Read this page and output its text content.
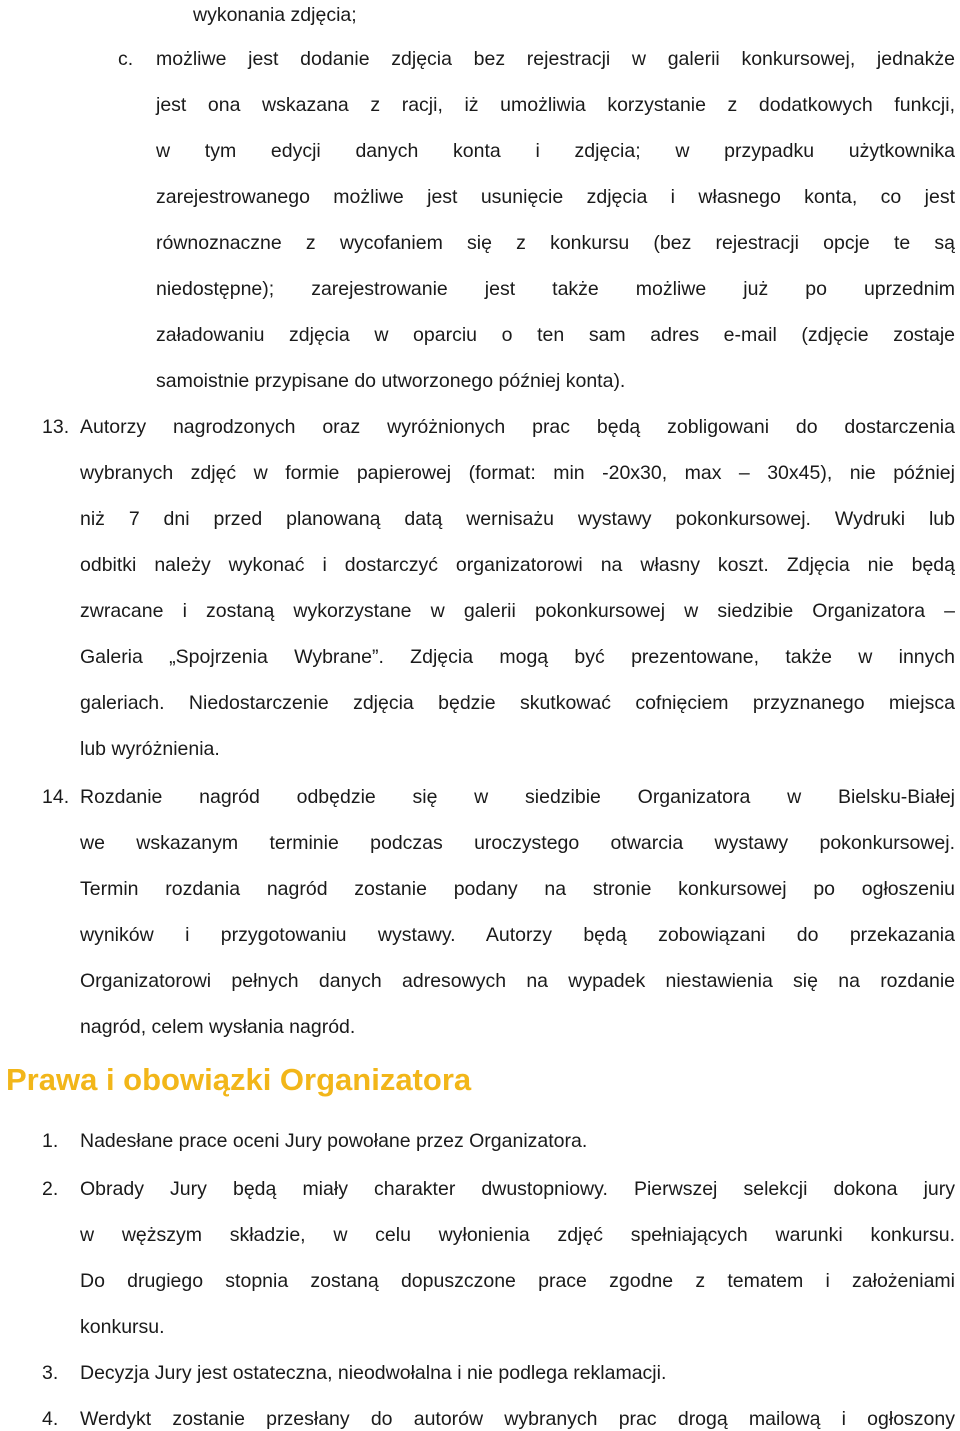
wykonania zdjęcia;
c. możliwe jest dodanie zdjęcia bez rejestracji w galerii konkursowej, jednakże
jest ona wskazana z racji, iż umożliwia korzystanie z dodatkowych funkcji,
w tym edycji danych konta i zdjęcia; w przypadku użytkownika
zarejestrowanego możliwe jest usunięcie zdjęcia i własnego konta, co jest
równoznaczne z wycofaniem się z konkursu (bez rejestracji opcje te są
niedostępne); zarejestrowanie jest także możliwe już po uprzednim
załadowaniu zdjęcia w oparciu o ten sam adres e-mail (zdjęcie zostaje
samoistnie przypisane do utworzonego później konta).
13. Autorzy nagrodzonych oraz wyróżnionych prac będą zobligowani do dostarczenia
wybranych zdjęć w formie papierowej (format: min -20x30, max – 30x45), nie później
niż 7 dni przed planowaną datą wernisażu wystawy pokonkursowej. Wydruki lub
odbitki należy wykonać i dostarczyć organizatorowi na własny koszt. Zdjęcia nie będą
zwracane i zostaną wykorzystane w galerii pokonkursowej w siedzibie Organizatora –
Galeria „Spojrzenia Wybrane”. Zdjęcia mogą być prezentowane, także w innych
galeriach. Niedostarczenie zdjęcia będzie skutkować cofnięciem przyznanego miejsca
lub wyróżnienia.
14. Rozdanie nagród odbędzie się w siedzibie Organizatora w Bielsku-Białej
we wskazanym terminie podczas uroczystego otwarcia wystawy pokonkursowej.
Termin rozdania nagród zostanie podany na stronie konkursowej po ogłoszeniu
wyników i przygotowaniu wystawy. Autorzy będą zobowiązani do przekazania
Organizatorowi pełnych danych adresowych na wypadek niestawienia się na rozdanie
nagród, celem wysłania nagród.
Prawa i obowiązki Organizatora
1. Nadesłane prace oceni Jury powołane przez Organizatora.
2. Obrady Jury będą miały charakter dwustopniowy. Pierwszej selekcji dokona jury
w węższym składzie, w celu wyłonienia zdjęć spełniających warunki konkursu.
Do drugiego stopnia zostaną dopuszczone prace zgodne z tematem i założeniami
konkursu.
3. Decyzja Jury jest ostateczna, nieodwołalna i nie podlega reklamacji.
4. Werdykt zostanie przesłany do autorów wybranych prac drogą mailową i ogłoszony
